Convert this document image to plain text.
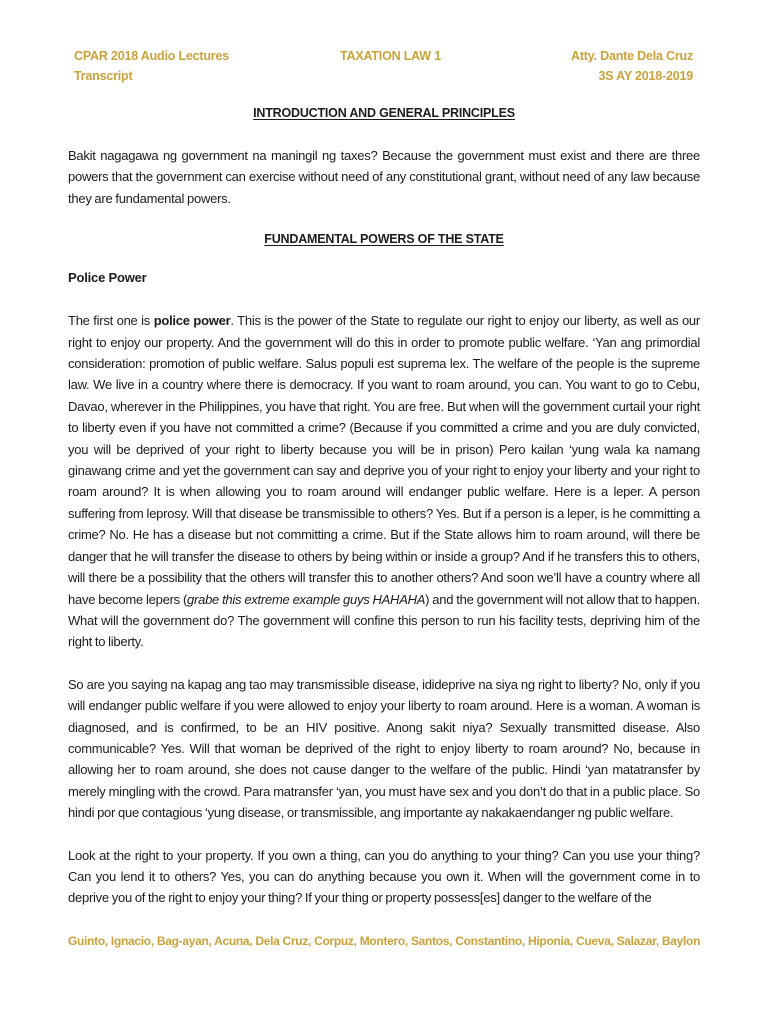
CPAR 2018 Audio Lectures
Transcript
TAXATION LAW 1	Atty. Dante Dela Cruz
3S AY 2018-2019
INTRODUCTION AND GENERAL PRINCIPLES

Bakit nagagawa ng government na maningil ng taxes? Because the government must exist and there are three powers that the government can exercise without need of any constitutional grant, without need of any law because they are fundamental powers.

FUNDAMENTAL POWERS OF THE STATE
Police Power

The first one is police power. This is the power of the State to regulate our right to enjoy our liberty, as well as our right to enjoy our property. And the government will do this in order to promote public welfare. ‘Yan ang primordial consideration: promotion of public welfare. Salus populi est suprema lex. The welfare of the people is the supreme law. We live in a country where there is democracy. If you want to roam around, you can. You want to go to Cebu, Davao, wherever in the Philippines, you have that right. You are free. But when will the government curtail your right to liberty even if you have not committed a crime? (Because if you committed a crime and you are duly convicted, you will be deprived of your right to liberty because you will be in prison) Pero kailan ‘yung wala ka namang ginawang crime and yet the government can say and deprive you of your right to enjoy your liberty and your right to roam around? It is when allowing you to roam around will endanger public welfare. Here is a leper. A person suffering from leprosy. Will that disease be transmissible to others? Yes. But if a person is a leper, is he committing a crime? No. He has a disease but not committing a crime. But if the State allows him to roam around, will there be danger that he will transfer the disease to others by being within or inside a group? And if he transfers this to others, will there be a possibility that the others will transfer this to another others? And soon we’ll have a country where all have become lepers (grabe this extreme example guys HAHAHA) and the government will not allow that to happen. What will the government do? The government will confine this person to run his facility tests, depriving him of the right to liberty.

So are you saying na kapag ang tao may transmissible disease, idideprive na siya ng right to liberty? No, only if you will endanger public welfare if you were allowed to enjoy your liberty to roam around. Here is a woman. A woman is diagnosed, and is confirmed, to be an HIV positive. Anong sakit niya? Sexually transmitted disease. Also communicable? Yes. Will that woman be deprived of the right to enjoy liberty to roam around? No, because in allowing her to roam around, she does not cause danger to the welfare of the public. Hindi ‘yan matatransfer by merely mingling with the crowd. Para matransfer ‘yan, you must have sex and you don’t do that in a public place. So hindi por que contagious ‘yung disease, or transmissible, ang importante ay nakakaendanger ng public welfare.

Look at the right to your property. If you own a thing, can you do anything to your thing? Can you use your thing? Can you lend it to others? Yes, you can do anything because you own it. When will the government come in to deprive you of the right to enjoy your thing? If your thing or property possess[es] danger to the welfare of the

Guinto, Ignacio, Bag-ayan, Acuna, Dela Cruz, Corpuz, Montero, Santos, Constantino, Hiponia, Cueva, Salazar, Baylon
